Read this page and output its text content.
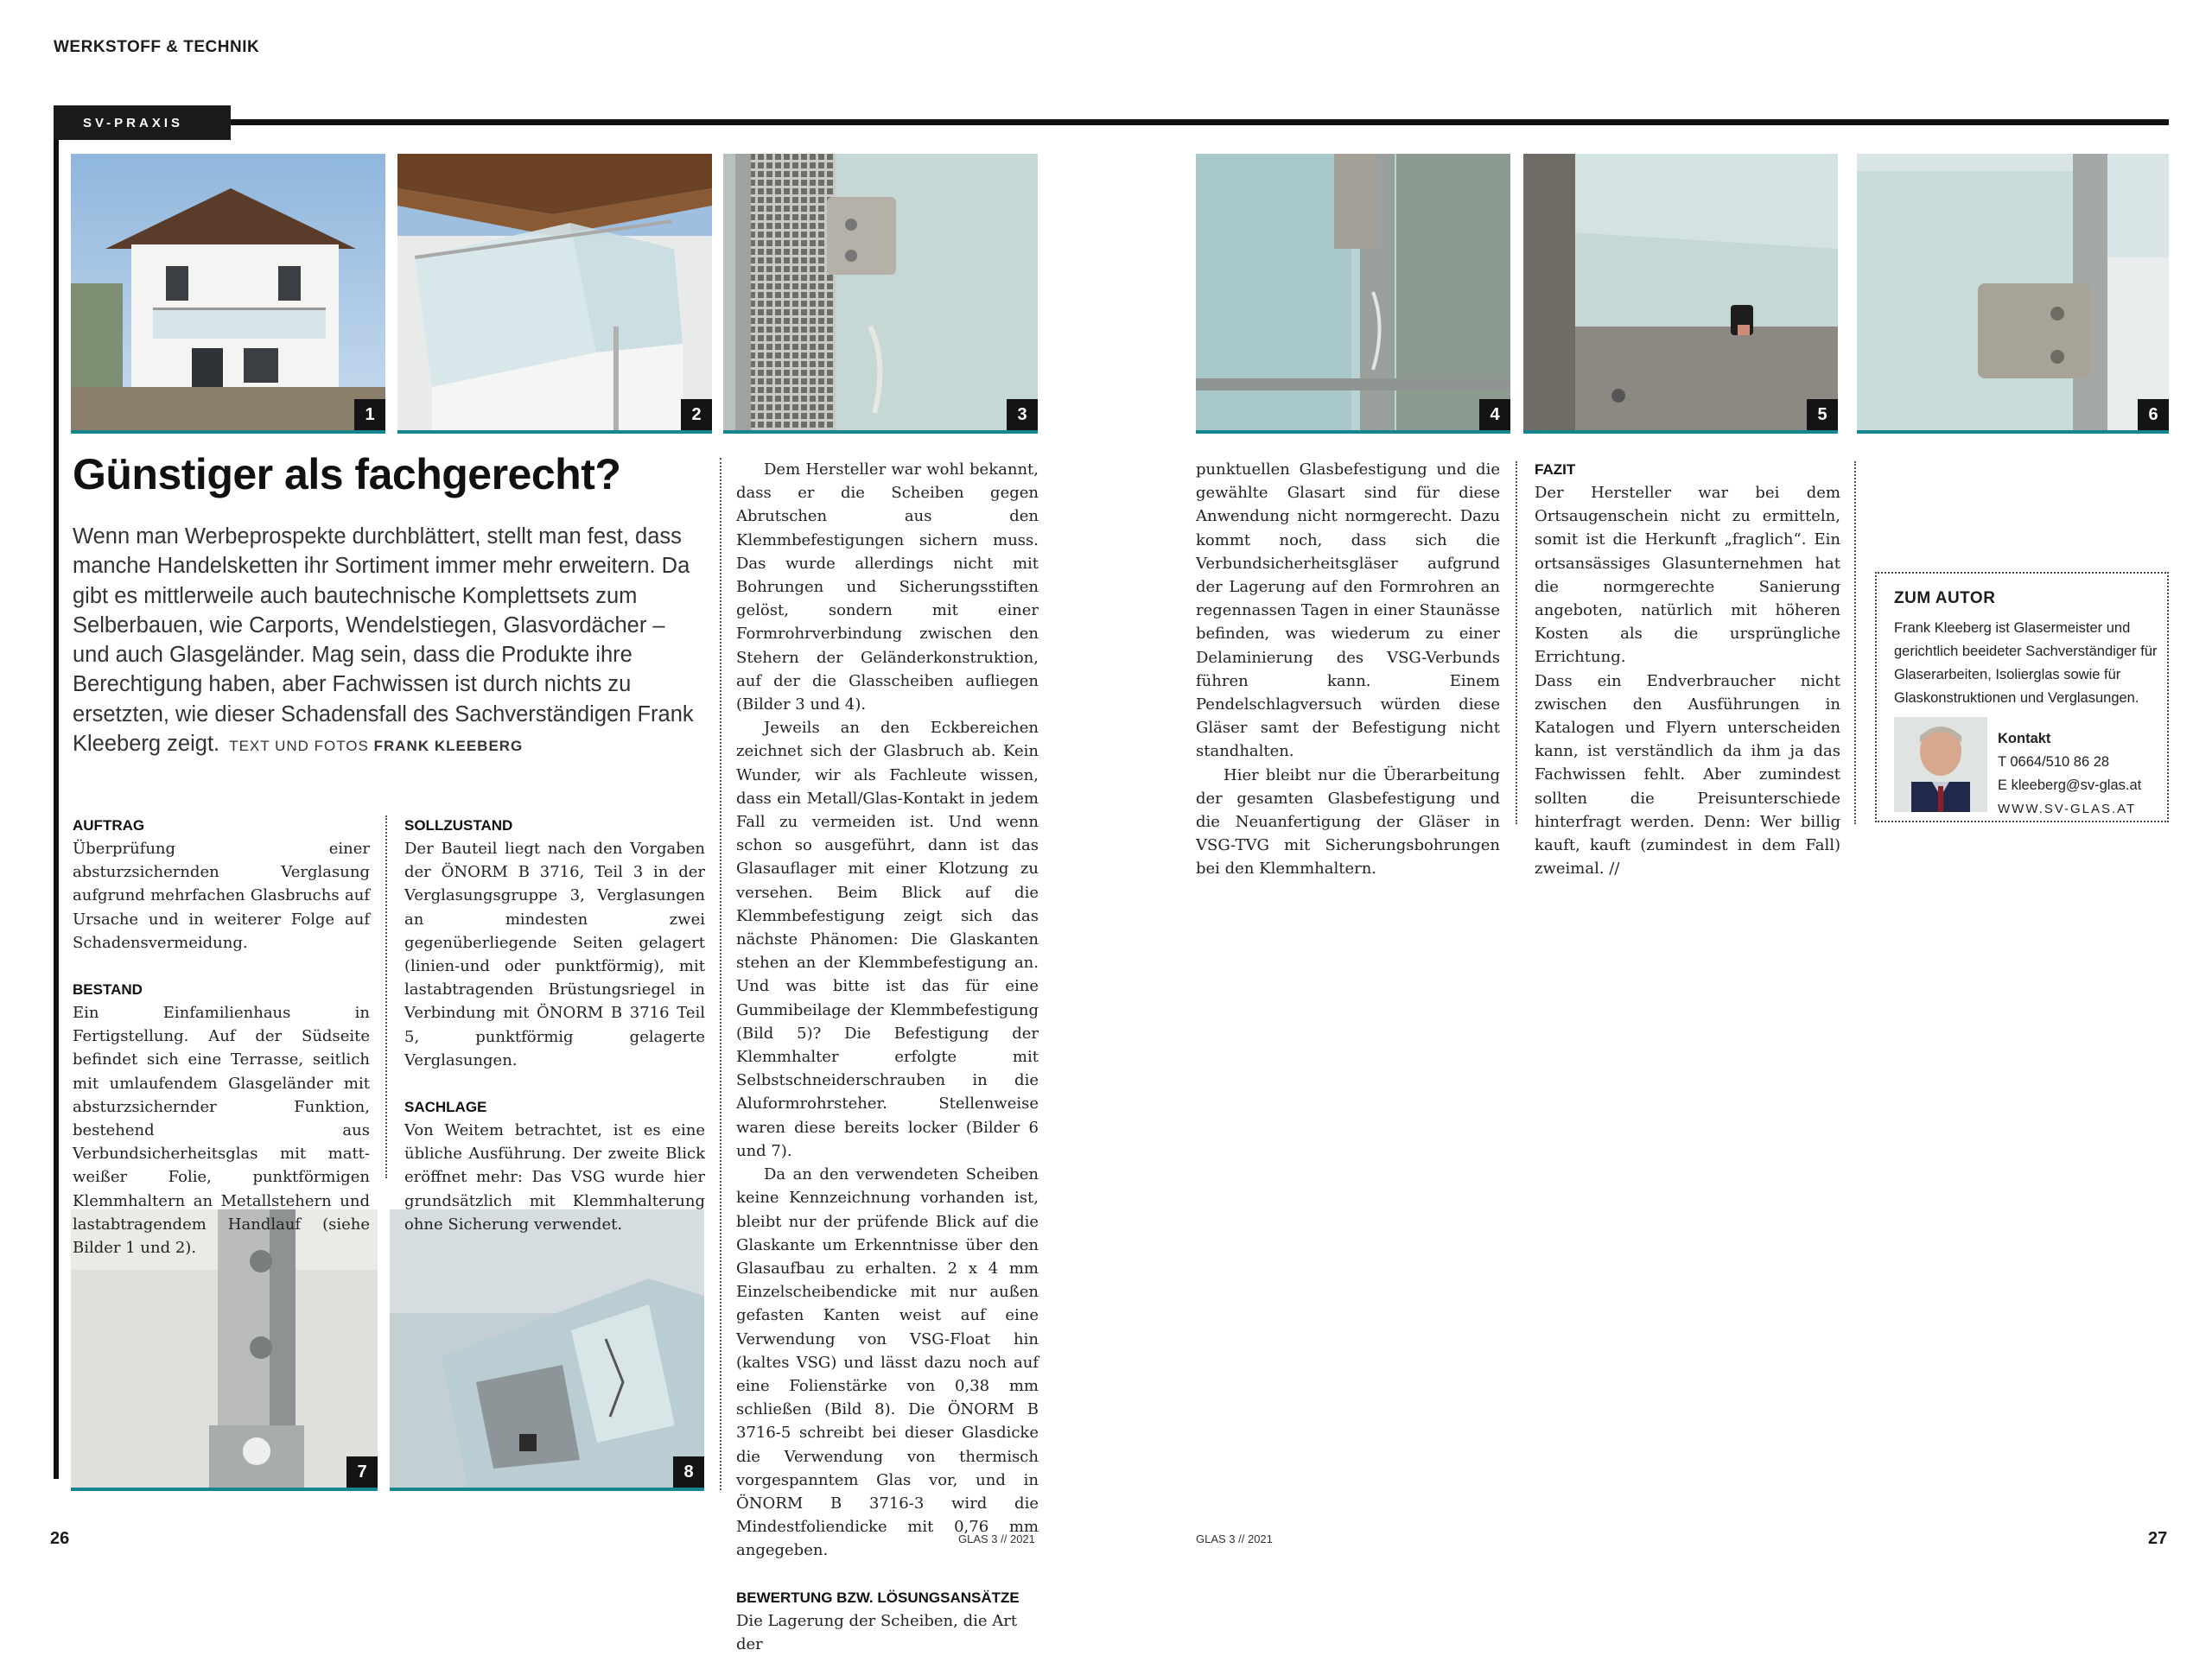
WERKSTOFF & TECHNIK
SV-PRAXIS
1	2	3	4	5	6
7	8
Günstiger als fachgerecht?
Wenn man Werbeprospekte durchblättert, stellt man fest, dass manche Handelsketten ihr Sortiment immer mehr erweitern. Da gibt es mittlerweile auch bautechnische Komplettsets zum Selberbauen, wie Carports, Wendelstiegen, Glasvordächer – und auch Glasgeländer. Mag sein, dass die Produkte ihre Berechtigung haben, aber Fachwissen ist durch nichts zu ersetzten, wie dieser Schadensfall des Sachverständigen Frank Kleeberg zeigt. TEXT UND FOTOS FRANK KLEEBERG

AUFTRAG

Überprüfung einer absturzsichernden Verglasung aufgrund mehrfachen Glasbruchs auf Ursache und in weiterer Folge auf Schadensvermeidung.

BESTAND

Ein Einfamilienhaus in Fertigstellung. Auf der Südseite befindet sich eine Terrasse, seitlich mit umlaufendem Glasgeländer mit absturzsichernder Funktion, bestehend aus Verbundsicherheitsglas mit matt-weißer Folie, punktförmigen Klemmhaltern an Metallstehern und lastabtragendem Handlauf (siehe Bilder 1 und 2).

SOLLZUSTAND

Der Bauteil liegt nach den Vorgaben der ÖNORM B 3716, Teil 3 in der Verglasungsgruppe 3, Verglasungen an mindesten zwei gegenüberliegende Seiten gelagert (linien-und oder punktförmig), mit lastabtragenden Brüstungsriegel in Verbindung mit ÖNORM B 3716 Teil 5, punktförmig gelagerte Verglasungen.

SACHLAGE

Von Weitem betrachtet, ist es eine übliche Ausführung. Der zweite Blick eröffnet mehr: Das VSG wurde hier grundsätzlich mit Klemmhalterung ohne Sicherung verwendet.

Dem Hersteller war wohl bekannt, dass er die Scheiben gegen Abrutschen aus den Klemmbefestigungen sichern muss. Das wurde allerdings nicht mit Bohrungen und Sicherungsstiften gelöst, sondern mit einer Formrohrverbindung zwischen den Stehern der Geländerkonstruktion, auf der die Glasscheiben aufliegen (Bilder 3 und 4).

Jeweils an den Eckbereichen zeichnet sich der Glasbruch ab. Kein Wunder, wir als Fachleute wissen, dass ein Metall/Glas-Kontakt in jedem Fall zu vermeiden ist. Und wenn schon so ausgeführt, dann ist das Glasauflager mit einer Klotzung zu versehen. Beim Blick auf die Klemmbefestigung zeigt sich das nächste Phänomen: Die Glaskanten stehen an der Klemmbefestigung an. Und was bitte ist das für eine Gummibeilage der Klemmbefestigung (Bild 5)? Die Befestigung der Klemmhalter erfolgte mit Selbstschneiderschrauben in die Aluformrohrsteher. Stellenweise waren diese bereits locker (Bilder 6 und 7).

Da an den verwendeten Scheiben keine Kennzeichnung vorhanden ist, bleibt nur der prüfende Blick auf die Glaskante um Erkenntnisse über den Glasaufbau zu erhalten. 2 x 4 mm Einzelscheibendicke mit nur außen gefasten Kanten weist auf eine Verwendung von VSG-Float hin (kaltes VSG) und lässt dazu noch auf eine Folienstärke von 0,38 mm schließen (Bild 8). Die ÖNORM B 3716-5 schreibt bei dieser Glasdicke die Verwendung von thermisch vorgespanntem Glas vor, und in ÖNORM B 3716-3 wird die Mindestfoliendicke mit 0,76 mm angegeben.

BEWERTUNG BZW. LÖSUNGSANSÄTZE

Die Lagerung der Scheiben, die Art der

punktuellen Glasbefestigung und die gewählte Glasart sind für diese Anwendung nicht normgerecht. Dazu kommt noch, dass sich die Verbundsicherheitsgläser aufgrund der Lagerung auf den Formrohren an regennassen Tagen in einer Staunässe befinden, was wiederum zu einer Delaminierung des VSG-Verbunds führen kann. Einem Pendelschlagversuch würden diese Gläser samt der Befestigung nicht standhalten.

Hier bleibt nur die Überarbeitung der gesamten Glasbefestigung und die Neuanfertigung der Gläser in VSG-TVG mit Sicherungsbohrungen bei den Klemmhaltern.

FAZIT

Der Hersteller war bei dem Ortsaugenschein nicht zu ermitteln, somit ist die Herkunft „fraglich“. Ein ortsansässiges Glasunternehmen hat die normgerechte Sanierung angeboten, natürlich mit höheren Kosten als die ursprüngliche Errichtung.

Dass ein Endverbraucher nicht zwischen den Ausführungen in Katalogen und Flyern unterscheiden kann, ist verständlich da ihm ja das Fachwissen fehlt. Aber zumindest sollten die Preisunterschiede hinterfragt werden. Denn: Wer billig kauft, kauft (zumindest in dem Fall) zweimal. //

ZUM AUTOR
Frank Kleeberg ist Glasermeister und gerichtlich beeideter Sachverständiger für Glaserarbeiten, Isolierglas sowie für Glaskonstruktionen und Verglasungen.
Kontakt
T 0664/510 86 28
E kleeberg@sv-glas.at
WWW.SV-GLAS.AT
26	GLAS 3 // 2021	GLAS 3 // 2021	27
